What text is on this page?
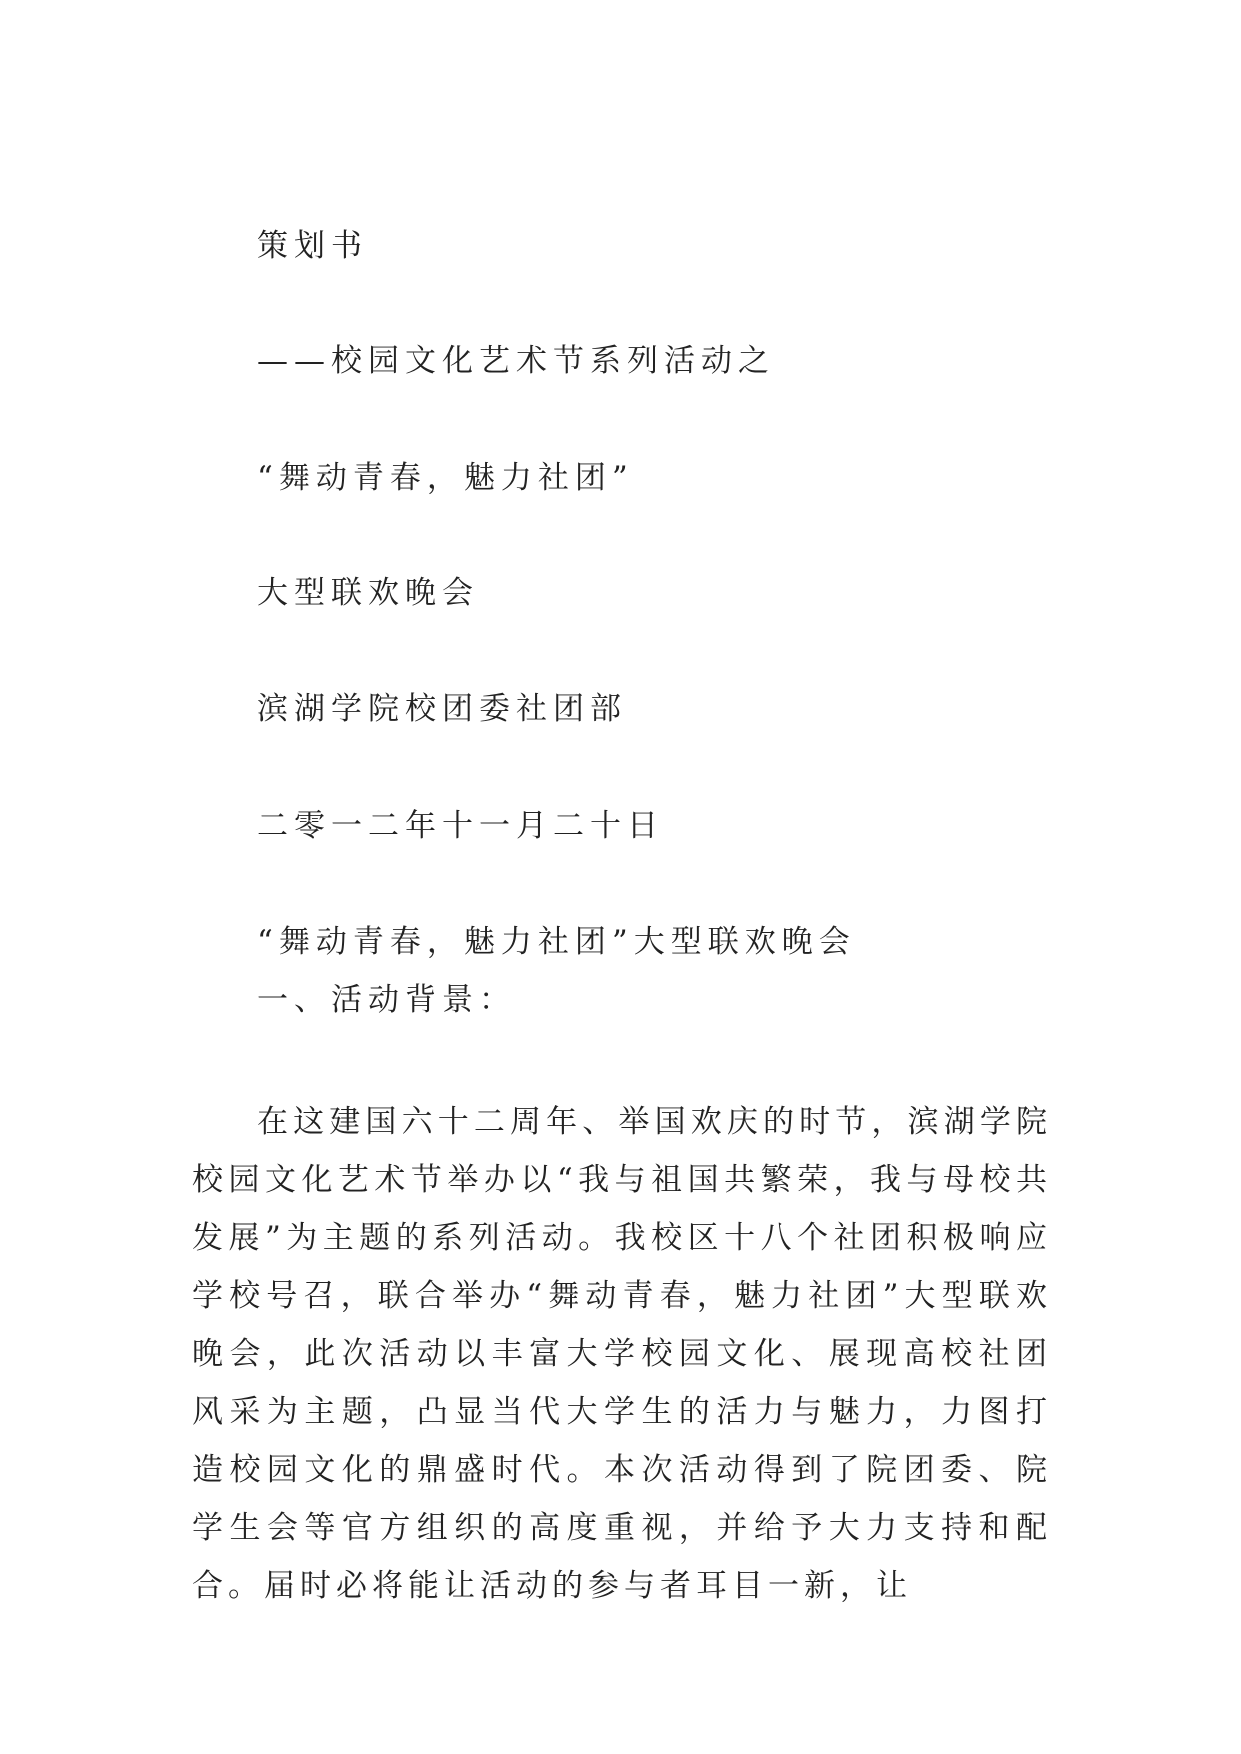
策划书

——校园文化艺术节系列活动之

“舞动青春，魅力社团”

大型联欢晚会

滨湖学院校团委社团部

二零一二年十一月二十日

“舞动青春，魅力社团”大型联欢晚会
一、活动背景：

在这建国六十二周年、举国欢庆的时节，滨湖学院校园文化艺术节举办以“我与祖国共繁荣，我与母校共发展”为主题的系列活动。我校区十八个社团积极响应学校号召，联合举办“舞动青春，魅力社团”大型联欢晚会，此次活动以丰富大学校园文化、展现高校社团风采为主题，凸显当代大学生的活力与魅力，力图打造校园文化的鼎盛时代。本次活动得到了院团委、院学生会等官方组织的高度重视，并给予大力支持和配合。届时必将能让活动的参与者耳目一新，让
